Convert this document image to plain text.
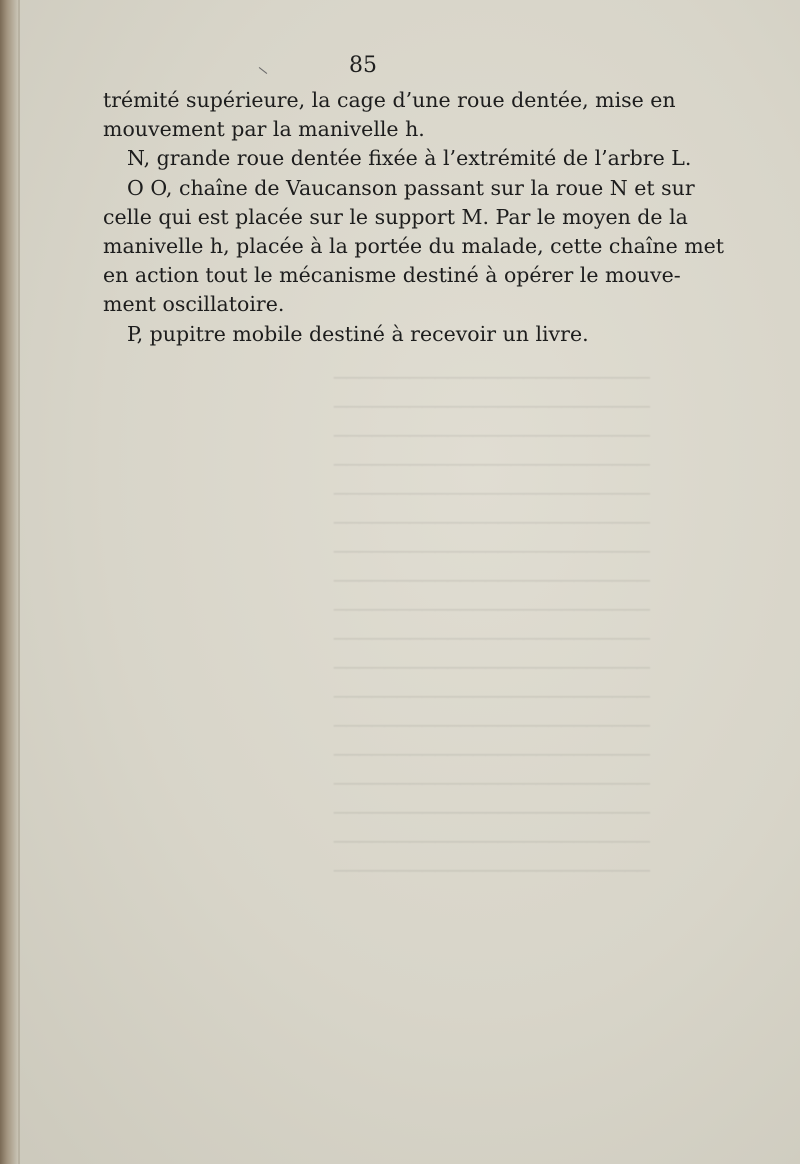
─────────────────────────
─────────────────────────
─────────────────────────
─────────────────────────
─────────────────────────
─────────────────────────
─────────────────────────
─────────────────────────
─────────────────────────
─────────────────────────
─────────────────────────
─────────────────────────
─────────────────────────
─────────────────────────
─────────────────────────
─────────────────────────
─────────────────────────
─────────────────────────
85
trémité supérieure, la cage d’une roue dentée, mise en
mouvement par la manivelle h.
N, grande roue dentée fixée à l’extrémité de l’arbre L.
O O, chaîne de Vaucanson passant sur la roue N et sur
celle qui est placée sur le support M. Par le moyen de la
manivelle h, placée à la portée du malade, cette chaîne met
en action tout le mécanisme destiné à opérer le mouve-
ment oscillatoire.
P, pupitre mobile destiné à recevoir un livre.
